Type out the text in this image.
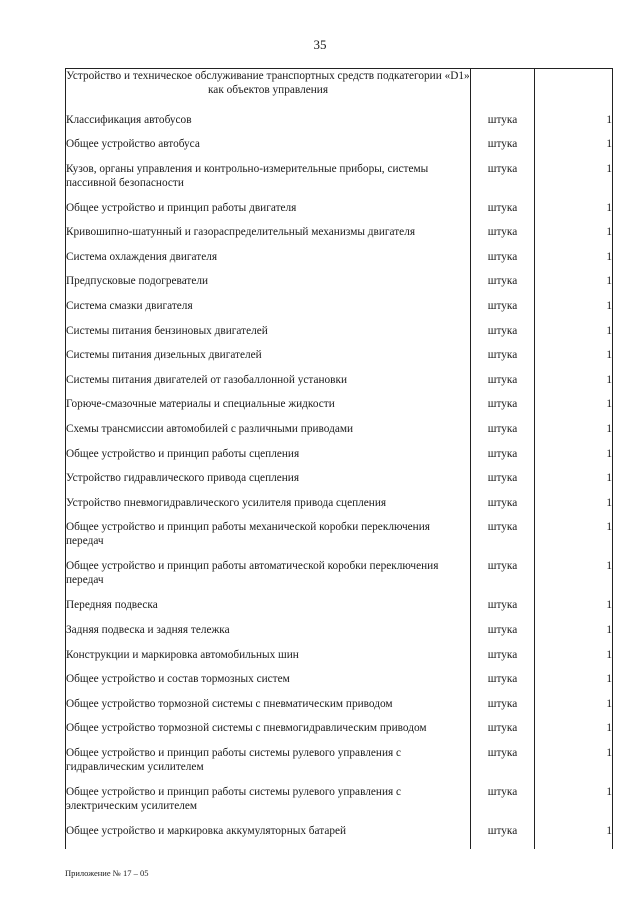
35
Устройство и техническое обслуживание транспортных средств подкатегории «D1» как объектов управления		
Классификация автобусов	штука	1
Общее устройство автобуса	штука	1
Кузов, органы управления и контрольно-измерительные приборы, системы пассивной безопасности	штука	1
Общее устройство и принцип работы двигателя	штука	1
Кривошипно-шатунный и газораспределительный механизмы двигателя	штука	1
Система охлаждения двигателя	штука	1
Предпусковые подогреватели	штука	1
Система смазки двигателя	штука	1
Системы питания бензиновых двигателей	штука	1
Системы питания дизельных двигателей	штука	1
Системы питания двигателей от газобаллонной установки	штука	1
Горюче-смазочные материалы и специальные жидкости	штука	1
Схемы трансмиссии автомобилей с различными приводами	штука	1
Общее устройство и принцип работы сцепления	штука	1
Устройство гидравлического привода сцепления	штука	1
Устройство пневмогидравлического усилителя привода сцепления	штука	1
Общее устройство и принцип работы механической коробки переключения передач	штука	1
Общее устройство и принцип работы автоматической коробки переключения передач	штука	1
Передняя подвеска	штука	1
Задняя подвеска и задняя тележка	штука	1
Конструкции и маркировка автомобильных шин	штука	1
Общее устройство и состав тормозных систем	штука	1
Общее устройство тормозной системы с пневматическим приводом	штука	1
Общее устройство тормозной системы с пневмогидравлическим приводом	штука	1
Общее устройство и принцип работы системы рулевого управления с гидравлическим усилителем	штука	1
Общее устройство и принцип работы системы рулевого управления с электрическим усилителем	штука	1
Общее устройство и маркировка аккумуляторных батарей	штука	1
Приложение № 17 – 05
